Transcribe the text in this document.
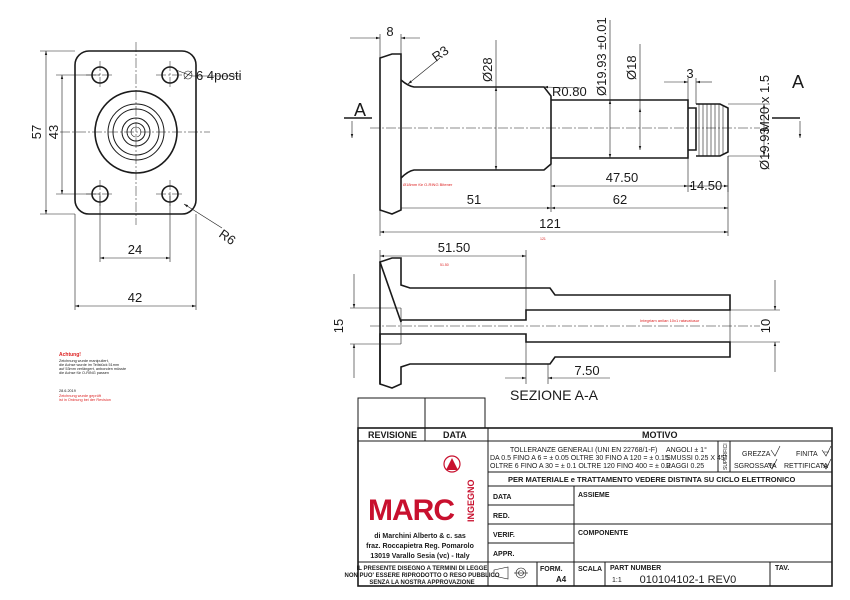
57 43
24
42
6 4posti
R6
A
A
8
R3
Ø28
R0.80 Ø19.93 ±0.01 Ø18
3
M20 x 1.5
Ø19.93
47.50
14.50
51	62
121
121
Ø18mm für O-RING Bitener
51.50
51.50
15	10
7.50
SEZIONE A-A
Integriam anilan 10x1 ratavatusur
Achtung!
Zeichnung wurde manipuliert,
die Achse wurde im Teilstück 51mm
auf 53mm verlängert, anbonden müsste
die Achse für O-RING passen
28.6.2019
Zeichnung wurde geprüft
ist in Ordnung bei der Revision
REVISIONE	DATA	MOTIVO
TOLLERANZE GENERALI (UNI EN 22768/1-F)
DA 0.5 FINO A 6 = ± 0.05 OLTRE 30 FINO A 120 = ± 0.15
OLTRE 6 FINO A 30 = ± 0.1 OLTRE 120 FINO 400 = ± 0.2
ANGOLI ± 1°
SMUSSI 0.25 X 45°
RAGGI 0.25	SUPERFICI GREZZA	FINITA
SGROSSATA RETTIFICATA
PER MATERIALE e TRATTAMENTO VEDERE DISTINTA SU CICLO ELETTRONICO
DATA
RED.
VERIF.
APPR.
ASSIEME
COMPONENTE
MARC INGEGNO
di Marchini Alberto & c. sas
fraz. Roccapietra Reg. Pomarolo
13019 Varallo Sesia (vc) - Italy
IL PRESENTE DISEGNO A TERMINI DI LEGGE
NON PUO' ESSERE RIPRODOTTO O RESO PUBBLICO
SENZA LA NOSTRA APPROVAZIONE
FORM.
A4
SCALA
1:1
PART NUMBER
010104102-1 REV0
TAV.
